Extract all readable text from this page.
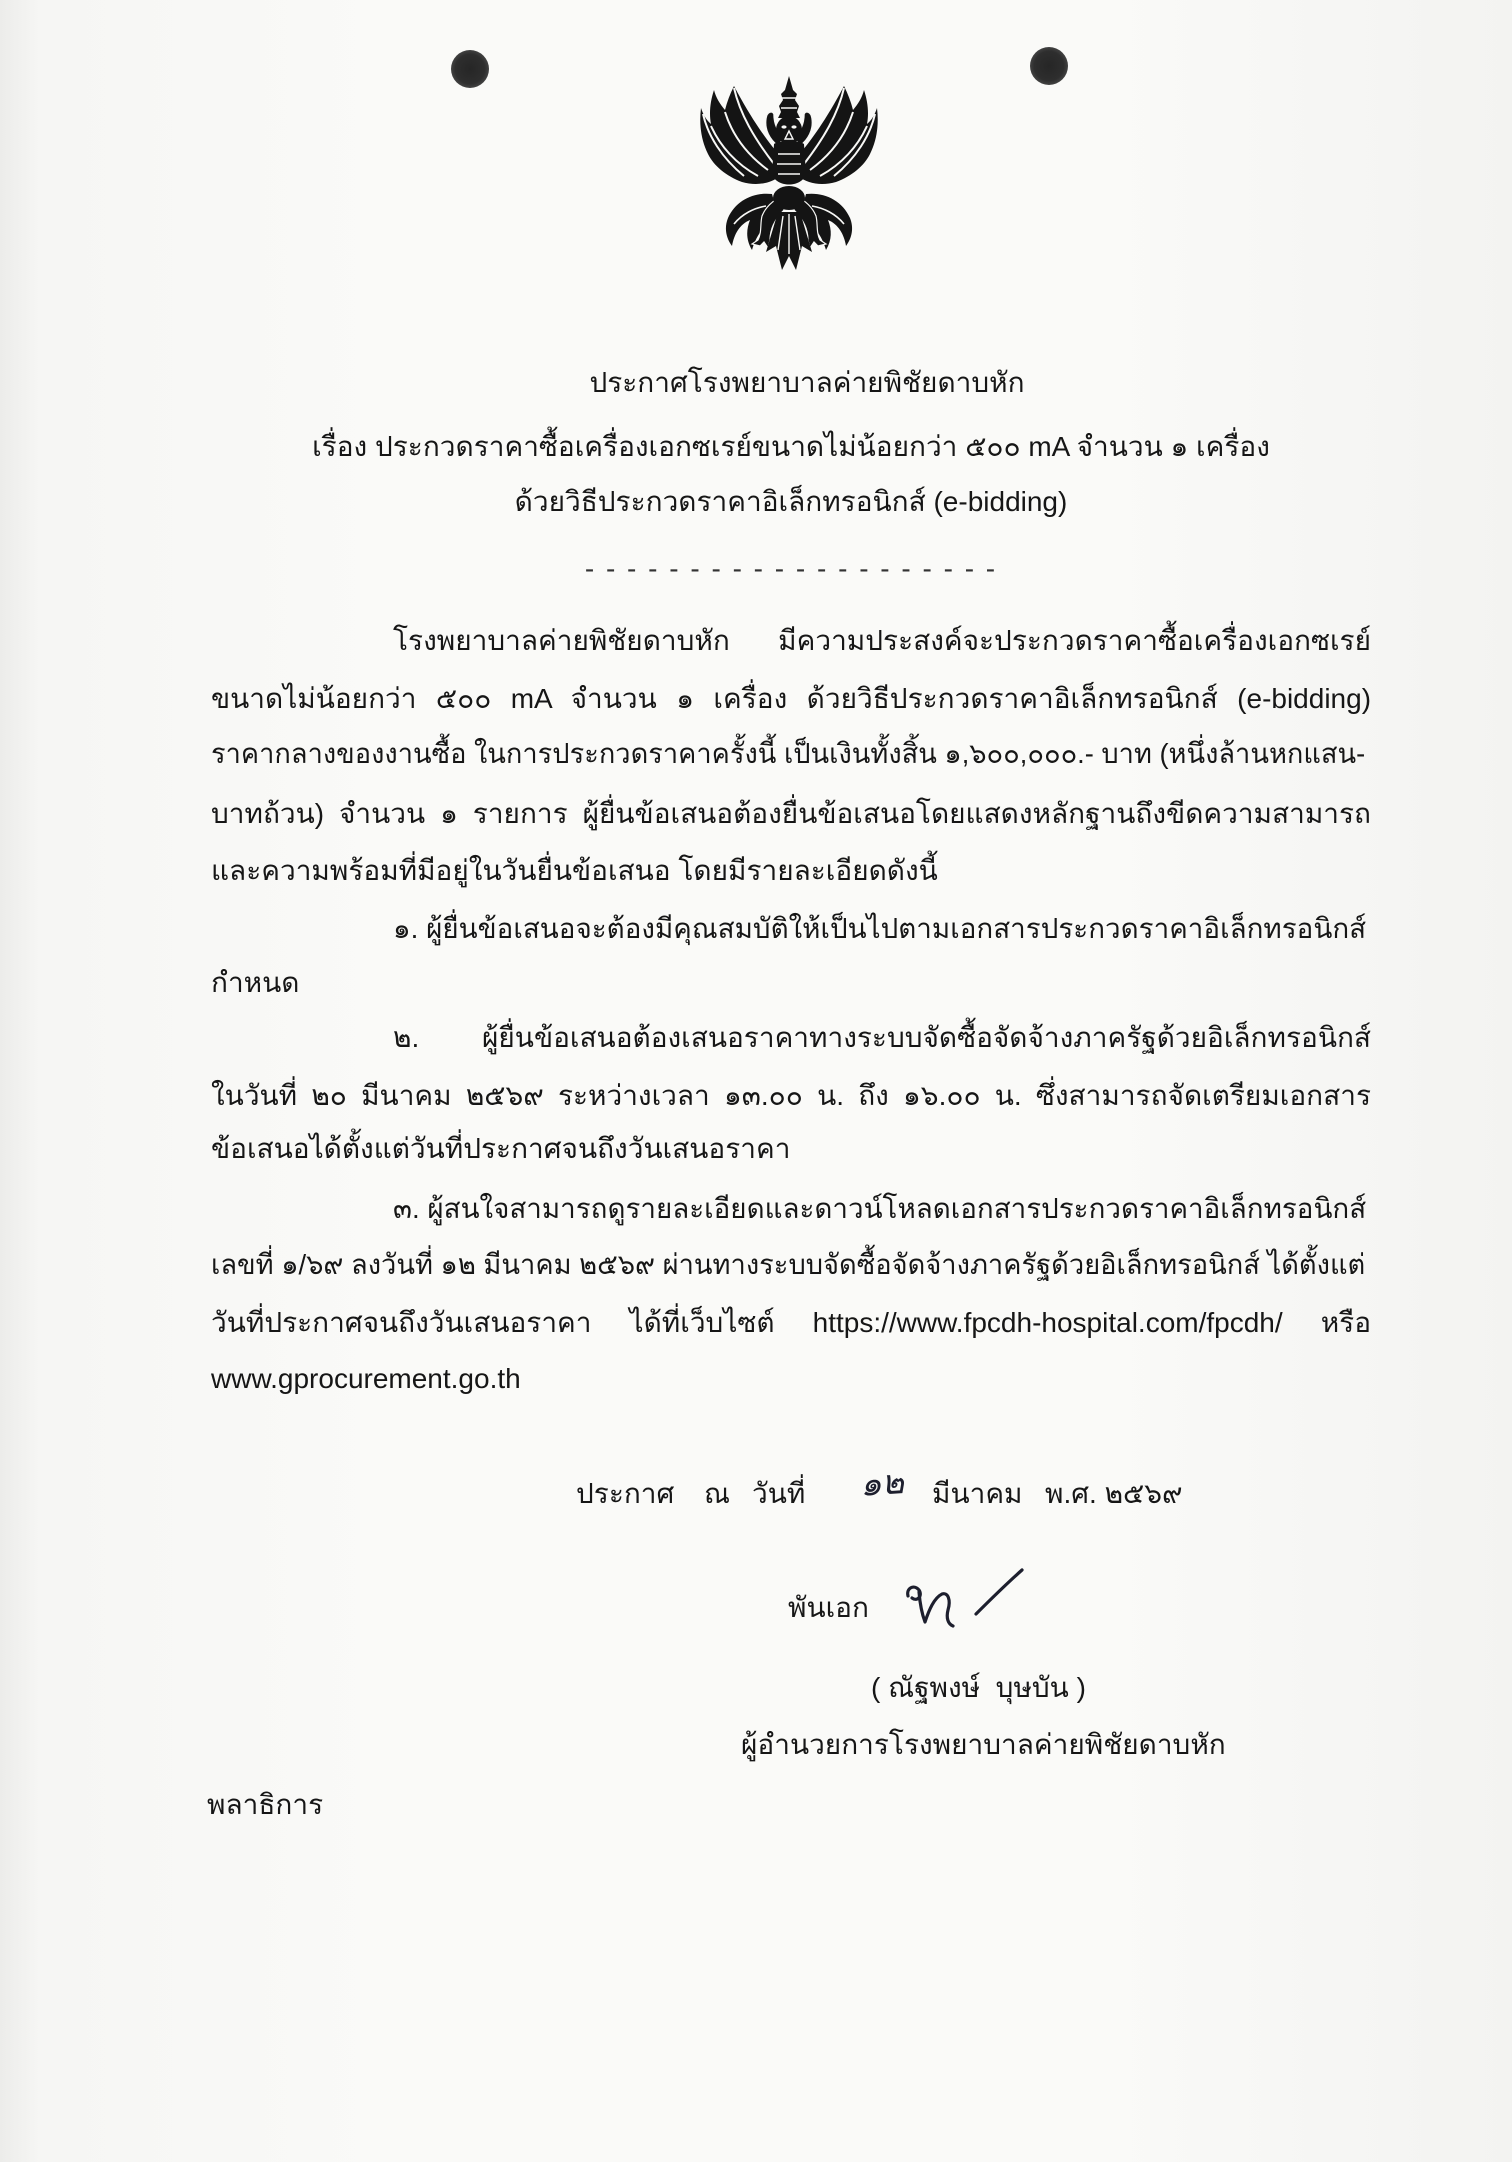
ประกาศโรงพยาบาลค่ายพิชัยดาบหัก
เรื่อง ประกวดราคาซื้อเครื่องเอกซเรย์ขนาดไม่น้อยกว่า ๕๐๐ mA จำนวน ๑ เครื่อง
ด้วยวิธีประกวดราคาอิเล็กทรอนิกส์ (e-bidding)
- - - - - - - - - - - - - - - - - - - -
โรงพยาบาลค่ายพิชัยดาบหัก มีความประสงค์จะประกวดราคาซื้อเครื่องเอกซเรย์
ขนาดไม่น้อยกว่า ๕๐๐ mA จำนวน ๑ เครื่อง ด้วยวิธีประกวดราคาอิเล็กทรอนิกส์ (e-bidding)
ราคากลางของงานซื้อ ในการประกวดราคาครั้งนี้ เป็นเงินทั้งสิ้น ๑,๖๐๐,๐๐๐.- บาท (หนึ่งล้านหกแสน-
บาทถ้วน) จำนวน ๑ รายการ ผู้ยื่นข้อเสนอต้องยื่นข้อเสนอโดยแสดงหลักฐานถึงขีดความสามารถ
และความพร้อมที่มีอยู่ในวันยื่นข้อเสนอ โดยมีรายละเอียดดังนี้
๑. ผู้ยื่นข้อเสนอจะต้องมีคุณสมบัติให้เป็นไปตามเอกสารประกวดราคาอิเล็กทรอนิกส์
กำหนด
๒. ผู้ยื่นข้อเสนอต้องเสนอราคาทางระบบจัดซื้อจัดจ้างภาครัฐด้วยอิเล็กทรอนิกส์
ในวันที่ ๒๐ มีนาคม ๒๕๖๙ ระหว่างเวลา ๑๓.๐๐ น. ถึง ๑๖.๐๐ น. ซึ่งสามารถจัดเตรียมเอกสาร
ข้อเสนอได้ตั้งแต่วันที่ประกาศจนถึงวันเสนอราคา
๓. ผู้สนใจสามารถดูรายละเอียดและดาวน์โหลดเอกสารประกวดราคาอิเล็กทรอนิกส์
เลขที่ ๑/๖๙ ลงวันที่ ๑๒ มีนาคม ๒๕๖๙ ผ่านทางระบบจัดซื้อจัดจ้างภาครัฐด้วยอิเล็กทรอนิกส์ ได้ตั้งแต่
วันที่ประกาศจนถึงวันเสนอราคา ได้ที่เว็บไซต์ https://www.fpcdh-hospital.com/fpcdh/ หรือ
www.gprocurement.go.th
ประกาศ	ณ วันที่	๑๒ มีนาคม พ.ศ. ๒๕๖๙
พันเอก
( ณัฐพงษ์  บุษบัน )
ผู้อำนวยการโรงพยาบาลค่ายพิชัยดาบหัก
พลาธิการ
